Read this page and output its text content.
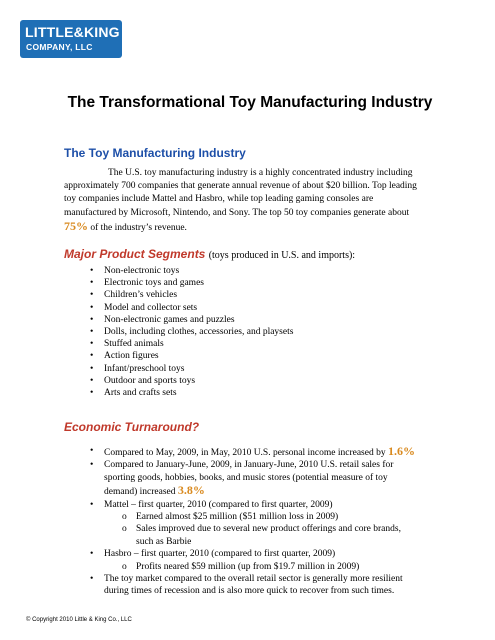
LITTLE&KING
COMPANY, LLC
The Transformational Toy Manufacturing Industry
The Toy Manufacturing Industry
The U.S. toy manufacturing industry is a highly concentrated industry including approximately 700 companies that generate annual revenue of about $20 billion. Top leading toy companies include Mattel and Hasbro, while top leading gaming consoles are manufactured by Microsoft, Nintendo, and Sony. The top 50 toy companies generate about 75% of the industry’s revenue.
Major Product Segments (toys produced in U.S. and imports):
• Non-electronic toys
• Electronic toys and games
• Children’s vehicles
• Model and collector sets
• Non-electronic games and puzzles
• Dolls, including clothes, accessories, and playsets
• Stuffed animals
• Action figures
• Infant/preschool toys
• Outdoor and sports toys
• Arts and crafts sets
Economic Turnaround?
• Compared to May, 2009, in May, 2010 U.S. personal income increased by 1.6%
• Compared to January-June, 2009, in January-June, 2010 U.S. retail sales for sporting goods, hobbies, books, and music stores (potential measure of toy demand) increased 3.8%
• Mattel – first quarter, 2010 (compared to first quarter, 2009)
o Earned almost $25 million ($51 million loss in 2009)
o Sales improved due to several new product offerings and core brands, such as Barbie
• Hasbro – first quarter, 2010 (compared to first quarter, 2009)
o Profits neared $59 million (up from $19.7 million in 2009)
• The toy market compared to the overall retail sector is generally more resilient during times of recession and is also more quick to recover from such times.
© Copyright 2010 Little & King Co., LLC
